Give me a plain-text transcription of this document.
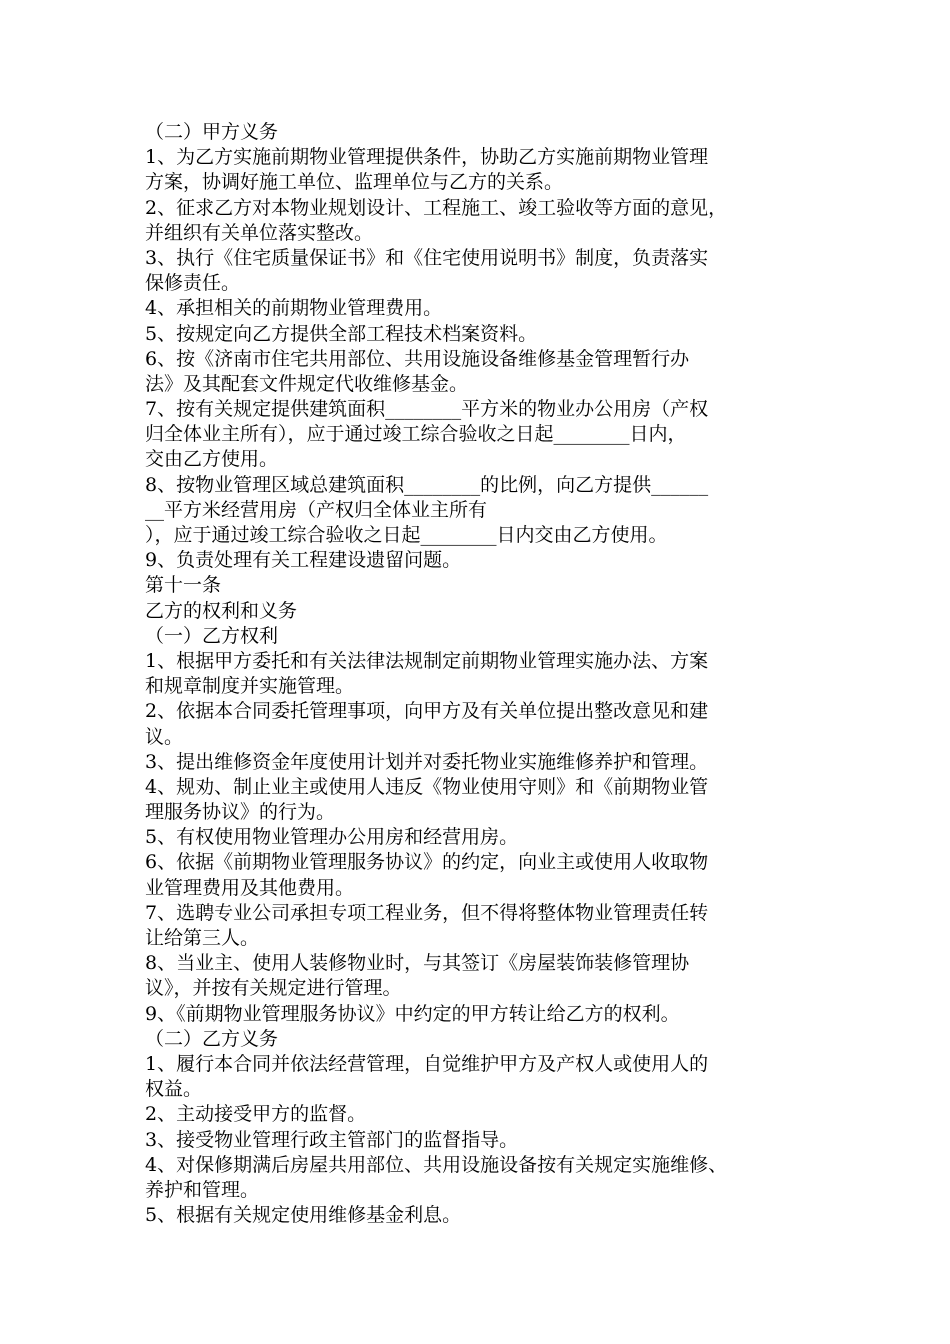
（二）甲方义务

1、为乙方实施前期物业管理提供条件，协助乙方实施前期物业管理

方案，协调好施工单位、监理单位与乙方的关系。

2、征求乙方对本物业规划设计、工程施工、竣工验收等方面的意见，

并组织有关单位落实整改。

3、执行《住宅质量保证书》和《住宅使用说明书》制度，负责落实

保修责任。

4、承担相关的前期物业管理费用。

5、按规定向乙方提供全部工程技术档案资料。

6、按《济南市住宅共用部位、共用设施设备维修基金管理暂行办

法》及其配套文件规定代收维修基金。

7、按有关规定提供建筑面积________平方米的物业办公用房（产权

归全体业主所有），应于通过竣工综合验收之日起________日内，

交由乙方使用。

8、按物业管理区域总建筑面积________的比例，向乙方提供______

__平方米经营用房（产权归全体业主所有

），应于通过竣工综合验收之日起________日内交由乙方使用。

9、负责处理有关工程建设遗留问题。

第十一条

乙方的权利和义务

（一）乙方权利

1、根据甲方委托和有关法律法规制定前期物业管理实施办法、方案

和规章制度并实施管理。

2、依据本合同委托管理事项，向甲方及有关单位提出整改意见和建

议。

3、提出维修资金年度使用计划并对委托物业实施维修养护和管理。

4、规劝、制止业主或使用人违反《物业使用守则》和《前期物业管

理服务协议》的行为。

5、有权使用物业管理办公用房和经营用房。

6、依据《前期物业管理服务协议》的约定，向业主或使用人收取物

业管理费用及其他费用。

7、选聘专业公司承担专项工程业务，但不得将整体物业管理责任转

让给第三人。

8、当业主、使用人装修物业时，与其签订《房屋装饰装修管理协

议》，并按有关规定进行管理。

9、《前期物业管理服务协议》中约定的甲方转让给乙方的权利。

（二）乙方义务

1、履行本合同并依法经营管理，自觉维护甲方及产权人或使用人的

权益。

2、主动接受甲方的监督。

3、接受物业管理行政主管部门的监督指导。

4、对保修期满后房屋共用部位、共用设施设备按有关规定实施维修、

养护和管理。

5、根据有关规定使用维修基金利息。
